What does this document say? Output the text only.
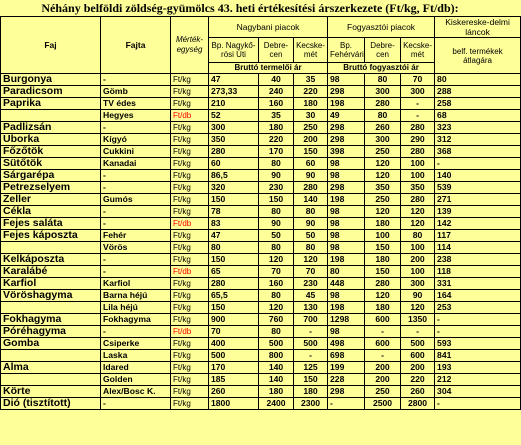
Néhány belföldi zöldség-gyümölcs 43. heti értékesítési árszerkezete (Ft/kg, Ft/db):
Faj	Fajta	Mérték-egység	Nagybani piacok			Fogyasztói piacok			Kiskereske-delmi láncok
			Bp. Nagykő-rösi Úti	Debre-cen	Kecske-mét	Bp. Fehérvári	Debre-cen	Kecske-mét	belf. termékek átlagára
			Bruttó termelői ár			Bruttó fogyasztói ár			
Burgonya	-	Ft/kg	47	40	35	98	80	70	80
Paradicsom	Gömb	Ft/kg	273,33	240	220	298	300	300	288
Paprika	TV édes	Ft/kg	210	160	180	198	280	-	258
	Hegyes	Ft/db	52	35	30	49	80	-	68
Padlizsán	-	Ft/kg	300	180	250	298	260	280	323
Uborka	Kígyó	Ft/kg	350	220	200	298	300	290	312
Főzőtök	Cukkini	Ft/kg	280	170	150	398	250	280	368
Sütőtök	Kanadai	Ft/kg	60	80	60	98	120	100	-
Sárgarépa	-	Ft/kg	86,5	90	90	98	120	100	140
Petrezselyem	-	Ft/kg	320	230	280	298	350	350	539
Zeller	Gumós	Ft/kg	150	150	140	198	250	280	271
Cékla	-	Ft/kg	78	80	80	98	120	120	139
Fejes saláta	-	Ft/db	83	90	90	98	180	120	142
Fejes káposzta	Fehér	Ft/kg	47	50	50	98	100	80	117
	Vörös	Ft/kg	80	80	80	98	150	100	114
Kelkáposzta	-	Ft/kg	150	120	120	198	180	200	238
Karalábé	-	Ft/db	65	70	70	80	150	100	118
Karfiol	Karfiol	Ft/kg	280	160	230	448	280	300	331
Vöröshagyma	Barna héjú	Ft/kg	65,5	80	45	98	120	90	164
	Lila héjú	Ft/kg	150	120	130	198	180	120	253
Fokhagyma	Fokhagyma	Ft/kg	900	760	700	1298	600	1350	-
Póréhagyma	-	Ft/db	70	80	-	98	-	-	-
Gomba	Csiperke	Ft/kg	400	500	500	498	600	500	593
	Laska	Ft/kg	500	800	-	698	-	600	841
Alma	Idared	Ft/kg	170	140	125	199	200	200	193
	Golden	Ft/kg	185	140	150	228	200	220	212
Körte	Alex/Bosc K.	Ft/kg	260	180	180	298	250	260	304
Dió (tisztított)	-	Ft/kg	1800	2400	2300	-	2500	2800	-
